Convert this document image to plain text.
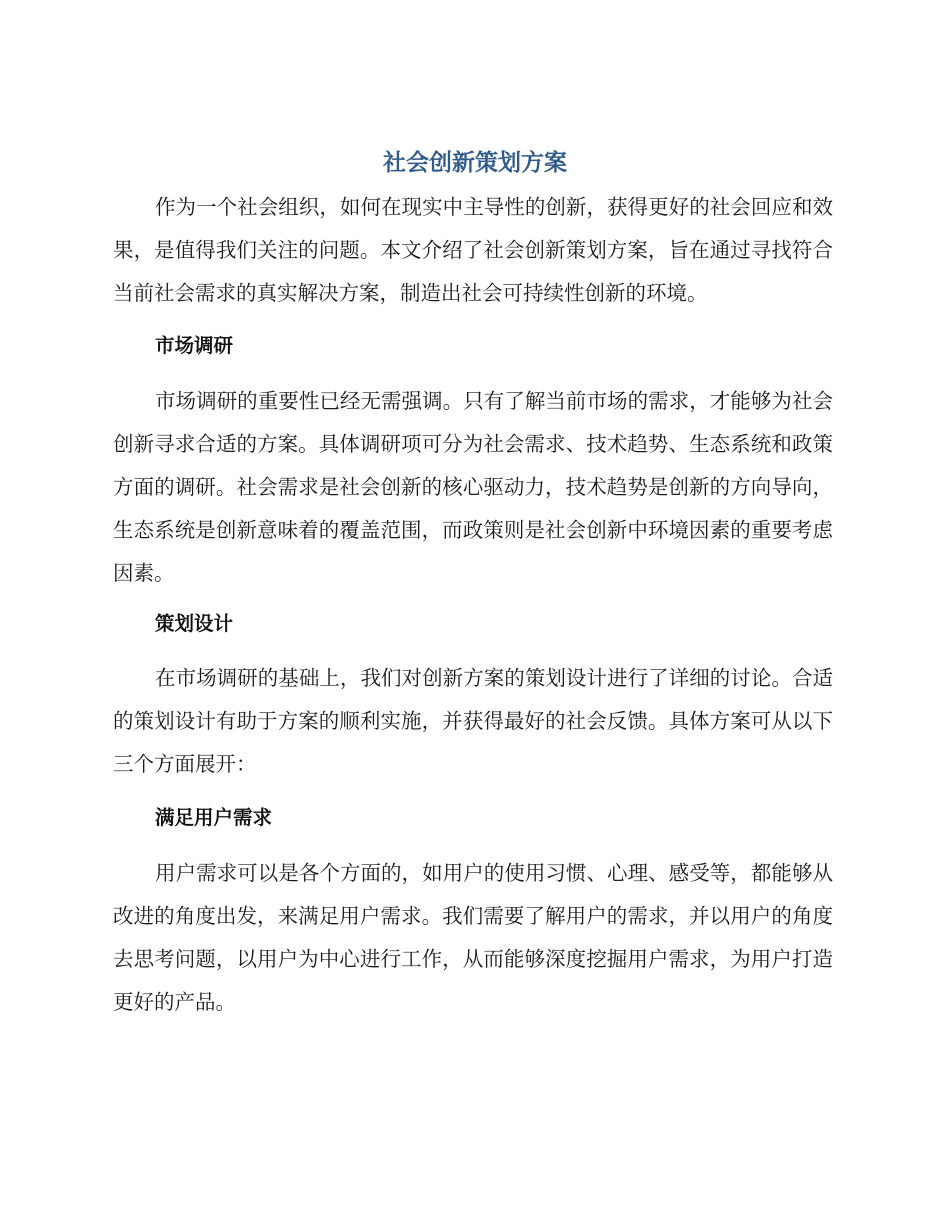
社会创新策划方案

作为一个社会组织，如何在现实中主导性的创新，获得更好的社会回应和效果，是值得我们关注的问题。本文介绍了社会创新策划方案，旨在通过寻找符合当前社会需求的真实解决方案，制造出社会可持续性创新的环境。

市场调研

市场调研的重要性已经无需强调。只有了解当前市场的需求，才能够为社会创新寻求合适的方案。具体调研项可分为社会需求、技术趋势、生态系统和政策方面的调研。社会需求是社会创新的核心驱动力，技术趋势是创新的方向导向，生态系统是创新意味着的覆盖范围，而政策则是社会创新中环境因素的重要考虑因素。

策划设计

在市场调研的基础上，我们对创新方案的策划设计进行了详细的讨论。合适的策划设计有助于方案的顺利实施，并获得最好的社会反馈。具体方案可从以下三个方面展开：

满足用户需求

用户需求可以是各个方面的，如用户的使用习惯、心理、感受等，都能够从改进的角度出发，来满足用户需求。我们需要了解用户的需求，并以用户的角度去思考问题，以用户为中心进行工作，从而能够深度挖掘用户需求，为用户打造更好的产品。
